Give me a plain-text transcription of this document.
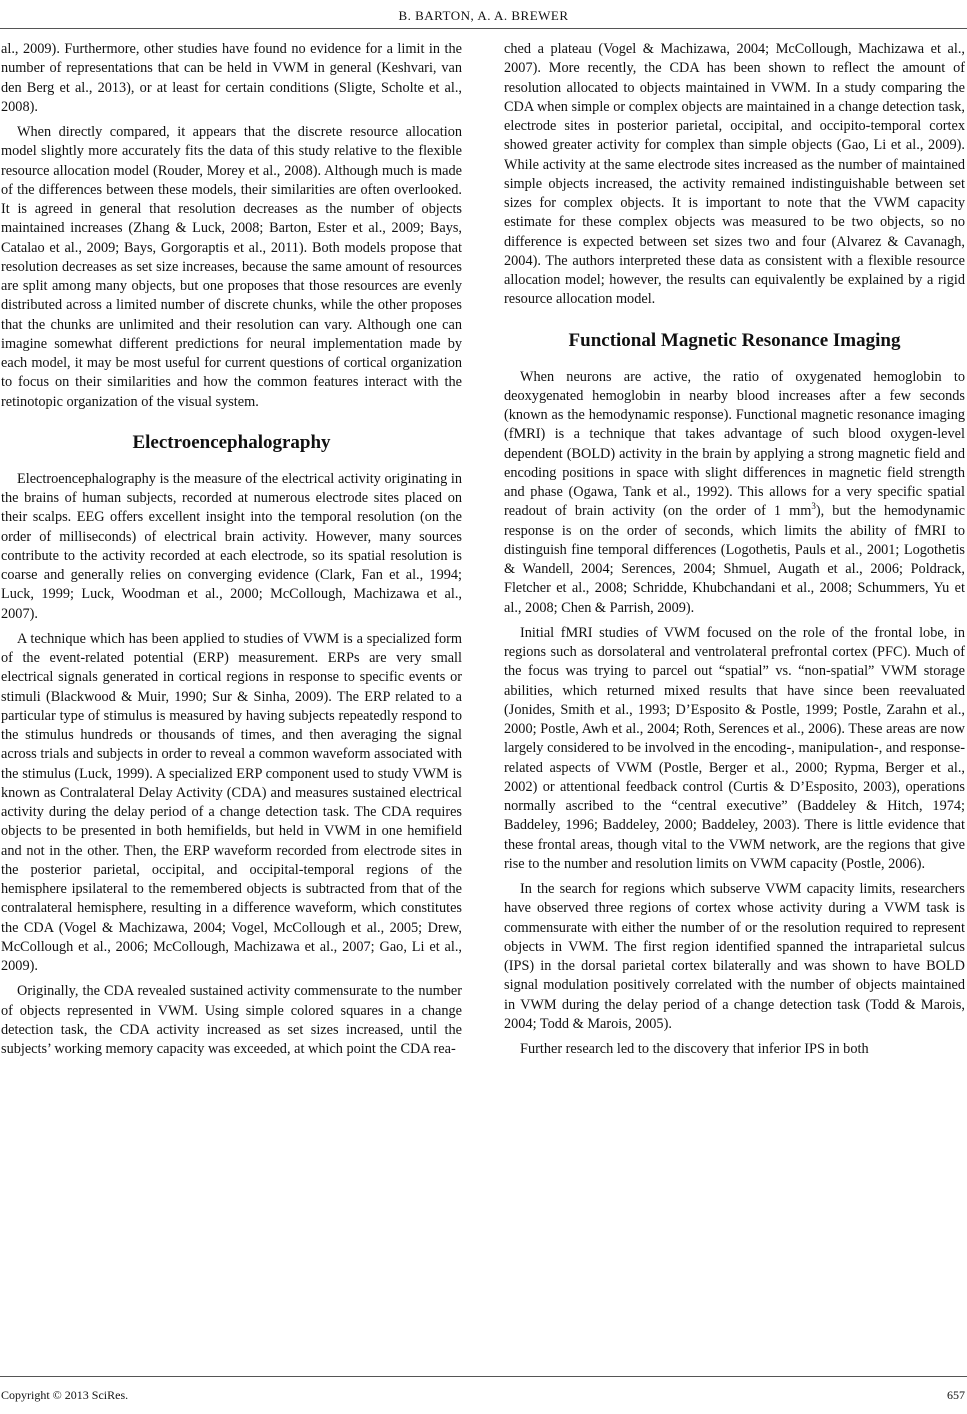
B. BARTON, A. A. BREWER

al., 2009). Furthermore, other studies have found no evidence for a limit in the number of representations that can be held in VWM in general (Keshvari, van den Berg et al., 2013), or at least for certain conditions (Sligte, Scholte et al., 2008).

When directly compared, it appears that the discrete resource allocation model slightly more accurately fits the data of this study relative to the flexible resource allocation model (Rouder, Morey et al., 2008). Although much is made of the differences between these models, their similarities are often overlooked. It is agreed in general that resolution decreases as the number of objects maintained increases (Zhang & Luck, 2008; Barton, Ester et al., 2009; Bays, Catalao et al., 2009; Bays, Gorgoraptis et al., 2011). Both models propose that resolution decreases as set size increases, because the same amount of resources are split among many objects, but one proposes that those resources are evenly distributed across a limited number of discrete chunks, while the other proposes that the chunks are unlimited and their resolution can vary. Although one can imagine somewhat different predictions for neural implementation made by each model, it may be most useful for current questions of cortical organization to focus on their similarities and how the common features interact with the retinotopic organization of the visual system.

Electroencephalography

Electroencephalography is the measure of the electrical activity originating in the brains of human subjects, recorded at numerous electrode sites placed on their scalps. EEG offers excellent insight into the temporal resolution (on the order of milliseconds) of electrical brain activity. However, many sources contribute to the activity recorded at each electrode, so its spatial resolution is coarse and generally relies on converging evidence (Clark, Fan et al., 1994; Luck, 1999; Luck, Woodman et al., 2000; McCollough, Machizawa et al., 2007).

A technique which has been applied to studies of VWM is a specialized form of the event-related potential (ERP) measurement. ERPs are very small electrical signals generated in cortical regions in response to specific events or stimuli (Blackwood & Muir, 1990; Sur & Sinha, 2009). The ERP related to a particular type of stimulus is measured by having subjects repeatedly respond to the stimulus hundreds or thousands of times, and then averaging the signal across trials and subjects in order to reveal a common waveform associated with the stimulus (Luck, 1999). A specialized ERP component used to study VWM is known as Contralateral Delay Activity (CDA) and measures sustained electrical activity during the delay period of a change detection task. The CDA requires objects to be presented in both hemifields, but held in VWM in one hemifield and not in the other. Then, the ERP waveform recorded from electrode sites in the posterior parietal, occipital, and occipital-temporal regions of the hemisphere ipsilateral to the remembered objects is subtracted from that of the contralateral hemisphere, resulting in a difference waveform, which constitutes the CDA (Vogel & Machizawa, 2004; Vogel, McCollough et al., 2005; Drew, McCollough et al., 2006; McCollough, Machizawa et al., 2007; Gao, Li et al., 2009).

Originally, the CDA revealed sustained activity commensurate to the number of objects represented in VWM. Using simple colored squares in a change detection task, the CDA activity increased as set sizes increased, until the subjects’ working memory capacity was exceeded, at which point the CDA rea-

ched a plateau (Vogel & Machizawa, 2004; McCollough, Machizawa et al., 2007). More recently, the CDA has been shown to reflect the amount of resolution allocated to objects maintained in VWM. In a study comparing the CDA when simple or complex objects are maintained in a change detection task, electrode sites in posterior parietal, occipital, and occipito-temporal cortex showed greater activity for complex than simple objects (Gao, Li et al., 2009). While activity at the same electrode sites increased as the number of maintained simple objects increased, the activity remained indistinguishable between set sizes for complex objects. It is important to note that the VWM capacity estimate for these complex objects was measured to be two objects, so no difference is expected between set sizes two and four (Alvarez & Cavanagh, 2004). The authors interpreted these data as consistent with a flexible resource allocation model; however, the results can equivalently be explained by a rigid resource allocation model.

Functional Magnetic Resonance Imaging

When neurons are active, the ratio of oxygenated hemoglobin to deoxygenated hemoglobin in nearby blood increases after a few seconds (known as the hemodynamic response). Functional magnetic resonance imaging (fMRI) is a technique that takes advantage of such blood oxygen-level dependent (BOLD) activity in the brain by applying a strong magnetic field and encoding positions in space with slight differences in magnetic field strength and phase (Ogawa, Tank et al., 1992). This allows for a very specific spatial readout of brain activity (on the order of 1 $mm^3$), but the hemodynamic response is on the order of seconds, which limits the ability of fMRI to distinguish fine temporal differences (Logothetis, Pauls et al., 2001; Logothetis & Wandell, 2004; Serences, 2004; Shmuel, Augath et al., 2006; Poldrack, Fletcher et al., 2008; Schridde, Khubchandani et al., 2008; Schummers, Yu et al., 2008; Chen & Parrish, 2009).

Initial fMRI studies of VWM focused on the role of the frontal lobe, in regions such as dorsolateral and ventrolateral prefrontal cortex (PFC). Much of the focus was trying to parcel out “spatial” vs. “non-spatial” VWM storage abilities, which returned mixed results that have since been reevaluated (Jonides, Smith et al., 1993; D’Esposito & Postle, 1999; Postle, Zarahn et al., 2000; Postle, Awh et al., 2004; Roth, Serences et al., 2006). These areas are now largely considered to be involved in the encoding-, manipulation-, and response-related aspects of VWM (Postle, Berger et al., 2000; Rypma, Berger et al., 2002) or attentional feedback control (Curtis & D’Esposito, 2003), operations normally ascribed to the “central executive” (Baddeley & Hitch, 1974; Baddeley, 1996; Baddeley, 2000; Baddeley, 2003). There is little evidence that these frontal areas, though vital to the VWM network, are the regions that give rise to the number and resolution limits on VWM capacity (Postle, 2006).

In the search for regions which subserve VWM capacity limits, researchers have observed three regions of cortex whose activity during a VWM task is commensurate with either the number of or the resolution required to represent objects in VWM. The first region identified spanned the intraparietal sulcus (IPS) in the dorsal parietal cortex bilaterally and was shown to have BOLD signal modulation positively correlated with the number of objects maintained in VWM during the delay period of a change detection task (Todd & Marois, 2004; Todd & Marois, 2005).

Further research led to the discovery that inferior IPS in both

Copyright © 2013 SciRes.	657
